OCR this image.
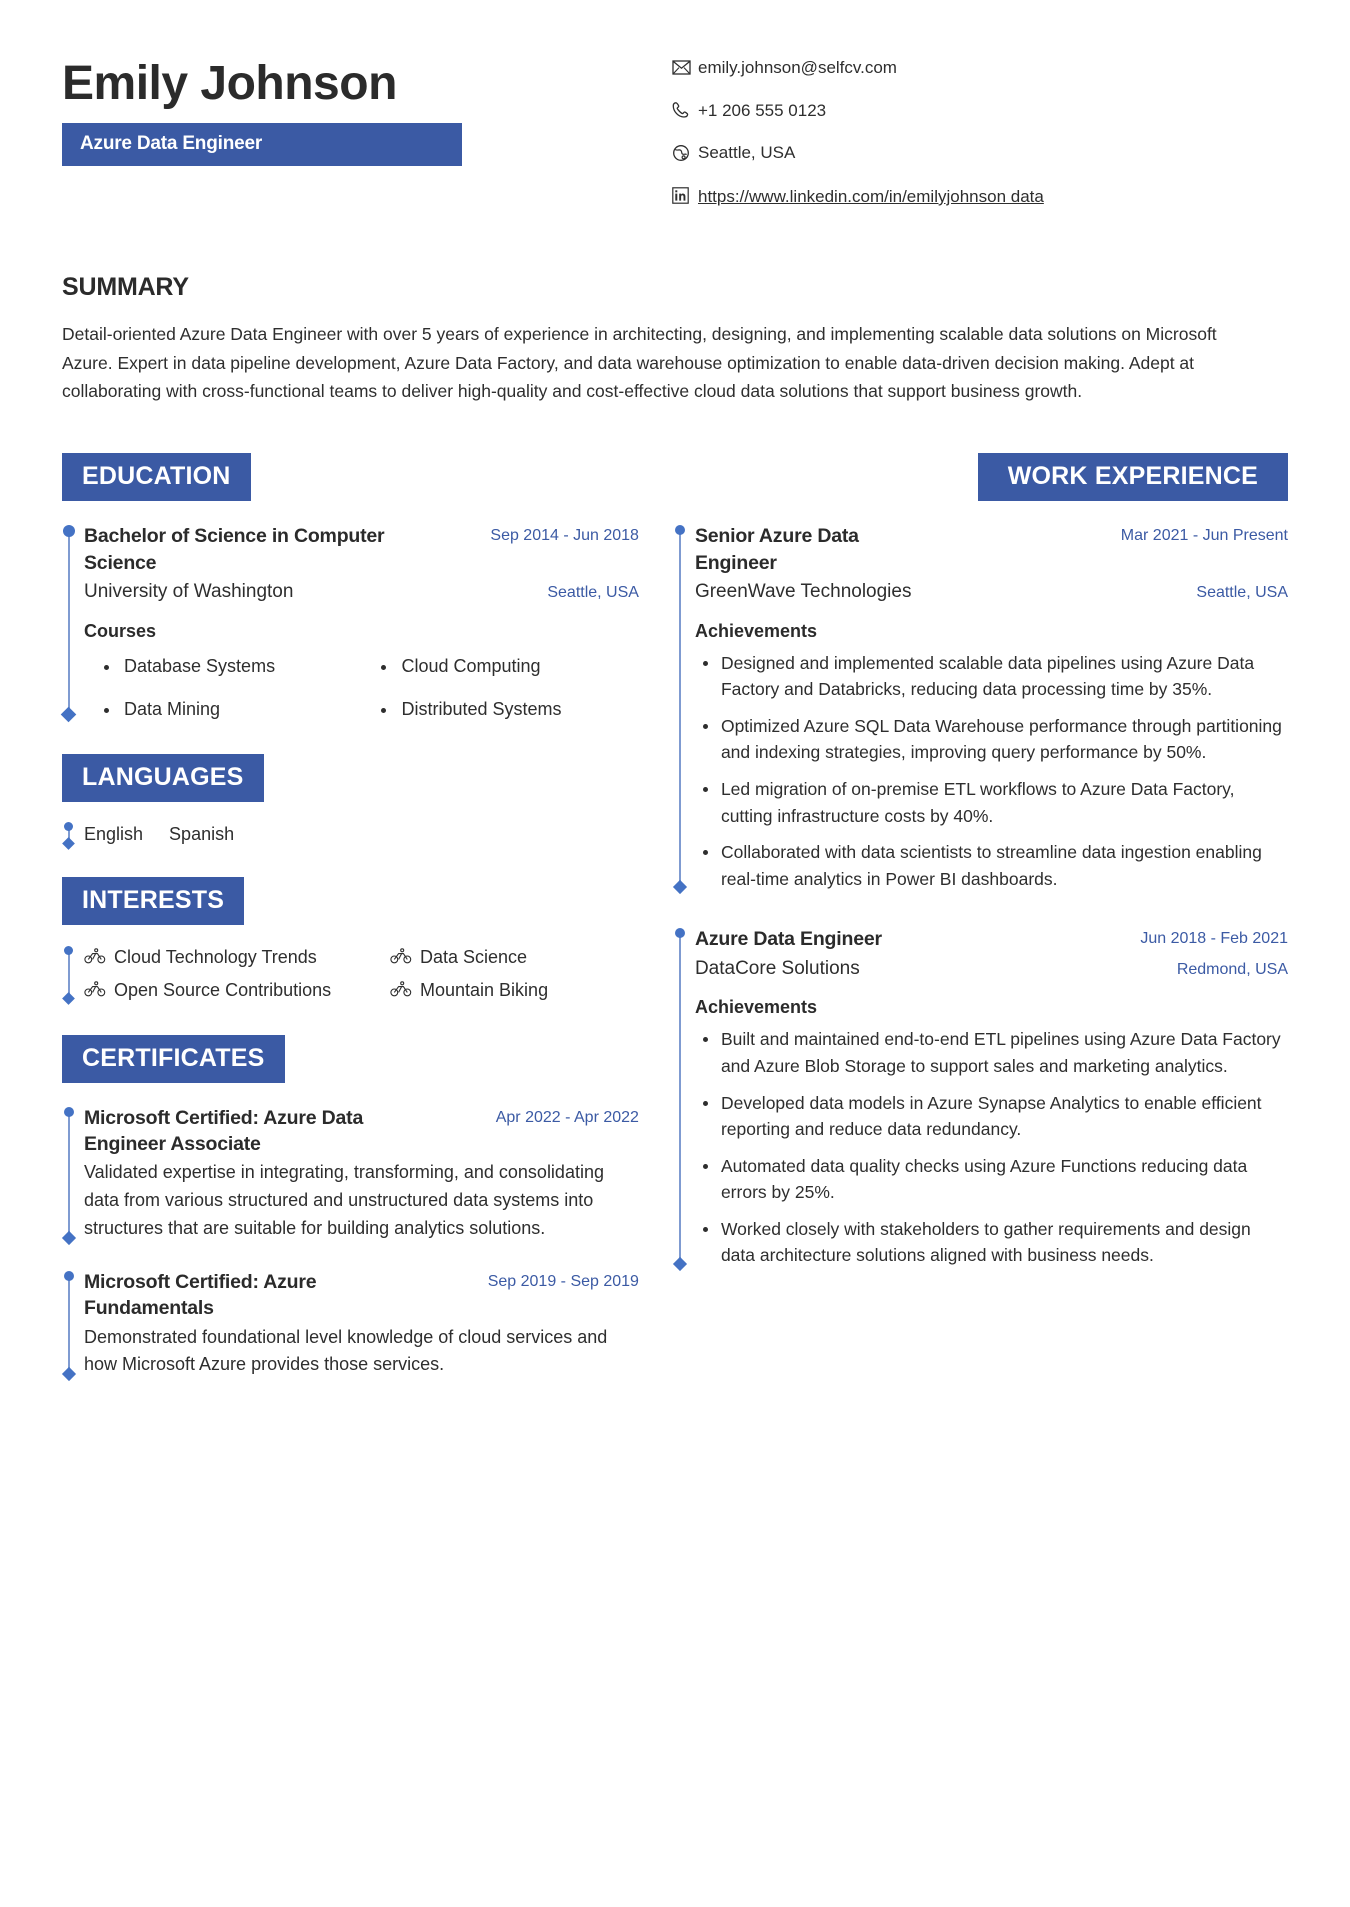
Emily Johnson
Azure Data Engineer
emily.johnson@selfcv.com
+1 206 555 0123
Seattle, USA
https://www.linkedin.com/in/emilyjohnson data
SUMMARY
Detail-oriented Azure Data Engineer with over 5 years of experience in architecting, designing, and implementing scalable data solutions on Microsoft Azure. Expert in data pipeline development, Azure Data Factory, and data warehouse optimization to enable data-driven decision making. Adept at collaborating with cross-functional teams to deliver high-quality and cost-effective cloud data solutions that support business growth.
EDUCATION
Bachelor of Science in Computer Science
Sep 2014 - Jun 2018
University of Washington	Seattle, USA
Courses
Database Systems	Cloud Computing
Data Mining	Distributed Systems
LANGUAGES
English Spanish
INTERESTS
Cloud Technology Trends	Data Science
Open Source Contributions	Mountain Biking
CERTIFICATES
Microsoft Certified: Azure Data Engineer Associate
Apr 2022 - Apr 2022
Validated expertise in integrating, transforming, and consolidating data from various structured and unstructured data systems into structures that are suitable for building analytics solutions.
Microsoft Certified: Azure Fundamentals
Sep 2019 - Sep 2019
Demonstrated foundational level knowledge of cloud services and how Microsoft Azure provides those services.
WORK EXPERIENCE
Senior Azure Data Engineer
Mar 2021 - Jun Present
GreenWave Technologies	Seattle, USA
Achievements
Designed and implemented scalable data pipelines using Azure Data Factory and Databricks, reducing data processing time by 35%.
Optimized Azure SQL Data Warehouse performance through partitioning and indexing strategies, improving query performance by 50%.
Led migration of on-premise ETL workflows to Azure Data Factory, cutting infrastructure costs by 40%.
Collaborated with data scientists to streamline data ingestion enabling real-time analytics in Power BI dashboards.
Azure Data Engineer	Jun 2018 - Feb 2021
DataCore Solutions	Redmond, USA
Achievements
Built and maintained end-to-end ETL pipelines using Azure Data Factory and Azure Blob Storage to support sales and marketing analytics.
Developed data models in Azure Synapse Analytics to enable efficient reporting and reduce data redundancy.
Automated data quality checks using Azure Functions reducing data errors by 25%.
Worked closely with stakeholders to gather requirements and design data architecture solutions aligned with business needs.
